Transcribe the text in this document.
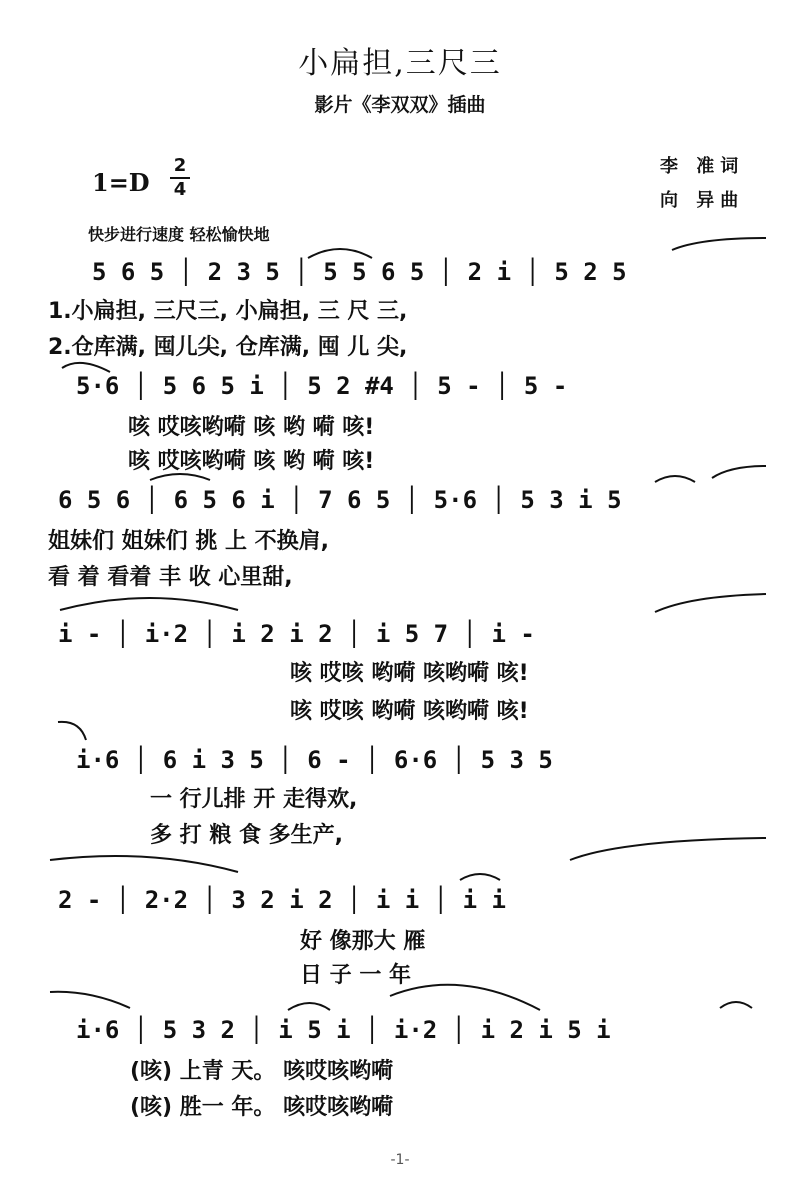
小扁担,三尺三
影片《李双双》插曲
李 准词
向 异曲
1=D
2
4
快步进行速度 轻松愉快地
5 6 5 │ 2 3 5 │ 5 5 6 5 │ 2 i │ 5 2 5
1.小扁担, 三尺三, 小扁担, 三 尺 三,
2.仓库满, 囤儿尖, 仓库满, 囤 儿 尖,
5·6 │ 5 6 5 i │ 5 2 #4 │ 5 - │ 5 -
咳 哎咳哟嗬 咳 哟 嗬 咳!
咳 哎咳哟嗬 咳 哟 嗬 咳!
6 5 6 │ 6 5 6 i │ 7 6 5 │ 5·6 │ 5 3 i 5
姐妹们 姐妹们 挑 上 不换肩,
看 着 看着 丰 收 心里甜,
i - │ i·2 │ i 2 i 2 │ i 5 7 │ i -
咳 哎咳 哟嗬 咳哟嗬 咳!
咳 哎咳 哟嗬 咳哟嗬 咳!
i·6 │ 6 i 3 5 │ 6 - │ 6·6 │ 5 3 5
一 行儿排 开 走得欢,
多 打 粮 食 多生产,
2 - │ 2·2 │ 3 2 i 2 │ i i │ i i
好 像那大 雁
日 子 一 年
i·6 │ 5 3 2 │ i 5 i │ i·2 │ i 2 i 5 i
(咳) 上青 天。 咳哎咳哟嗬
(咳) 胜一 年。 咳哎咳哟嗬
-1-
